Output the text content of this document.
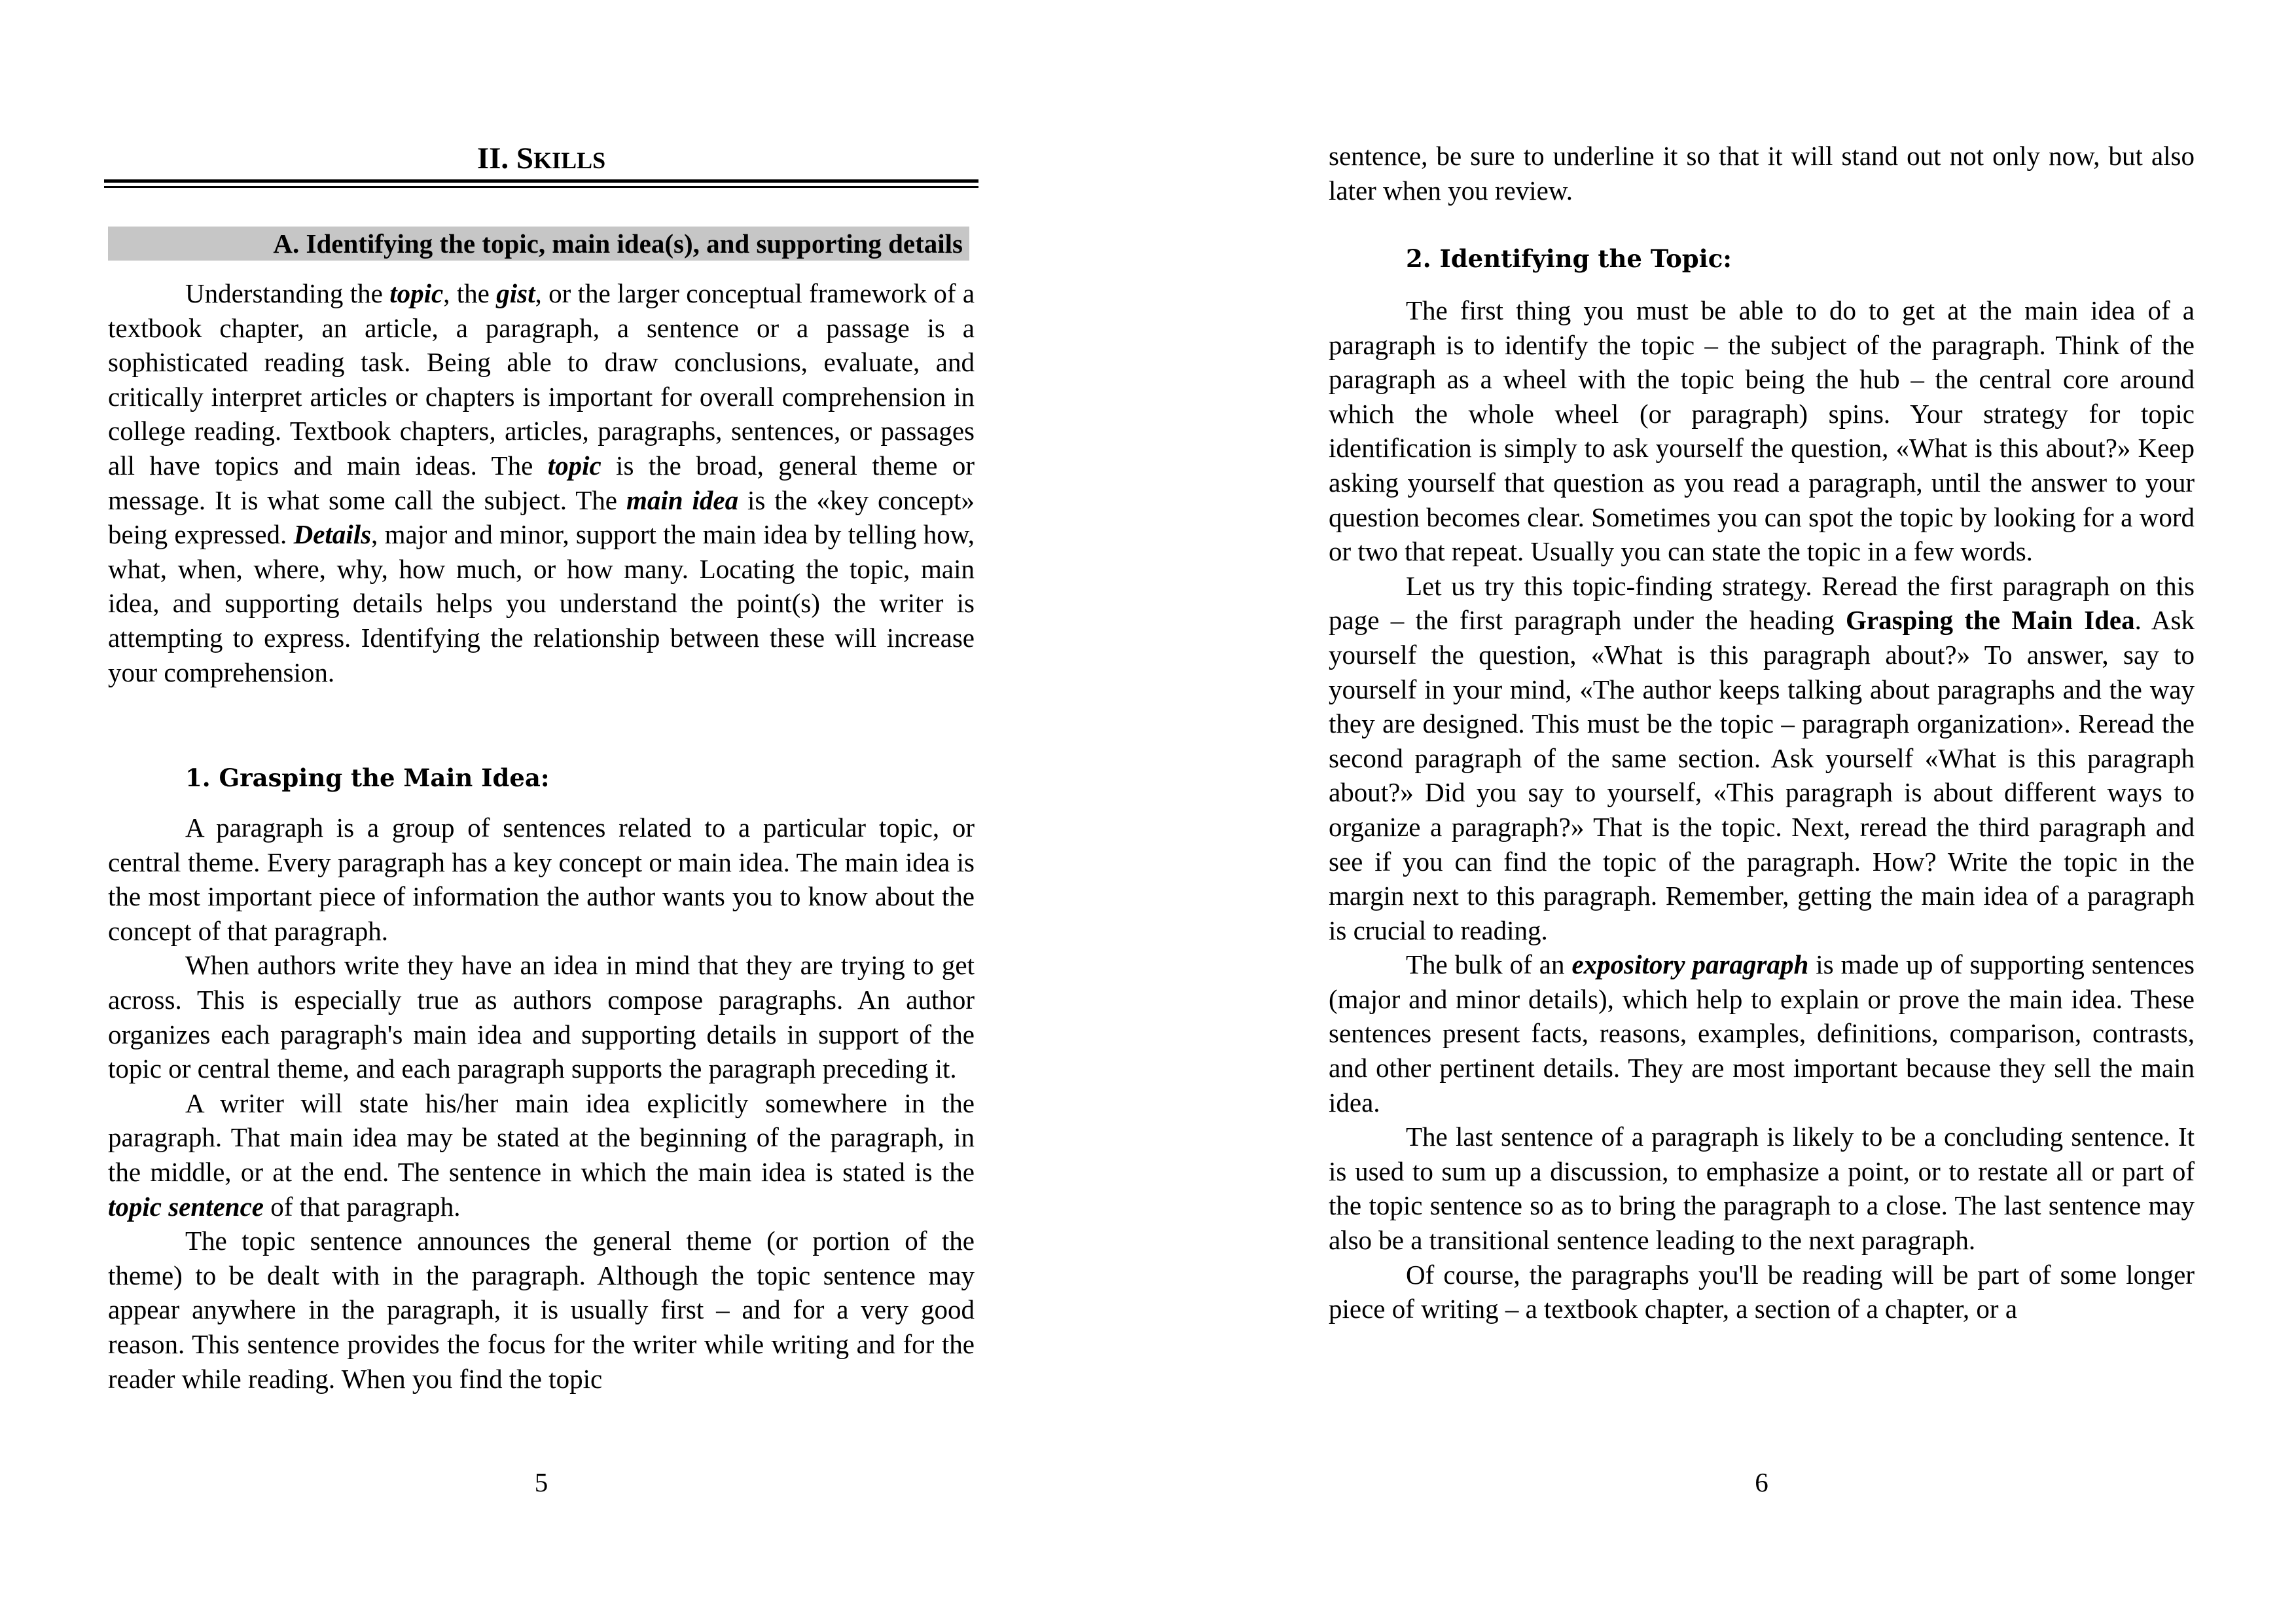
II. SKILLS
A. Identifying the topic, main idea(s), and supporting details

Understanding the topic, the gist, or the larger conceptual framework of a textbook chapter, an article, a paragraph, a sentence or a passage is a sophisticated reading task. Being able to draw conclusions, evaluate, and critically interpret articles or chapters is important for overall comprehension in college reading. Textbook chapters, articles, paragraphs, sentences, or passages all have topics and main ideas. The topic is the broad, general theme or message. It is what some call the subject. The main idea is the «key concept» being expressed. Details, major and minor, support the main idea by telling how, what, when, where, why, how much, or how many. Locating the topic, main idea, and supporting details helps you understand the point(s) the writer is attempting to express. Identifying the relationship between these will increase your comprehension.

1. Grasping the Main Idea:

A paragraph is a group of sentences related to a particular topic, or central theme. Every paragraph has a key concept or main idea. The main idea is the most important piece of information the author wants you to know about the concept of that paragraph.

When authors write they have an idea in mind that they are trying to get across. This is especially true as authors compose paragraphs. An author organizes each paragraph's main idea and supporting details in support of the topic or central theme, and each paragraph supports the paragraph preceding it.

A writer will state his/her main idea explicitly somewhere in the paragraph. That main idea may be stated at the beginning of the paragraph, in the middle, or at the end. The sentence in which the main idea is stated is the topic sentence of that paragraph.

The topic sentence announces the general theme (or portion of the theme) to be dealt with in the paragraph. Although the topic sentence may appear anywhere in the paragraph, it is usually first – and for a very good reason. This sentence provides the focus for the writer while writing and for the reader while reading. When you find the topic

5

sentence, be sure to underline it so that it will stand out not only now, but also later when you review.

2. Identifying the Topic:

The first thing you must be able to do to get at the main idea of a paragraph is to identify the topic – the subject of the paragraph. Think of the paragraph as a wheel with the topic being the hub – the central core around which the whole wheel (or paragraph) spins. Your strategy for topic identification is simply to ask yourself the question, «What is this about?» Keep asking yourself that question as you read a paragraph, until the answer to your question becomes clear. Sometimes you can spot the topic by looking for a word or two that repeat. Usually you can state the topic in a few words.

Let us try this topic-finding strategy. Reread the first paragraph on this page – the first paragraph under the heading Grasping the Main Idea. Ask yourself the question, «What is this paragraph about?» To answer, say to yourself in your mind, «The author keeps talking about paragraphs and the way they are designed. This must be the topic – paragraph organization». Reread the second paragraph of the same section. Ask yourself «What is this paragraph about?» Did you say to yourself, «This paragraph is about different ways to organize a paragraph?» That is the topic. Next, reread the third paragraph and see if you can find the topic of the paragraph. How? Write the topic in the margin next to this paragraph. Remember, getting the main idea of a paragraph is crucial to reading.

The bulk of an expository paragraph is made up of supporting sentences (major and minor details), which help to explain or prove the main idea. These sentences present facts, reasons, examples, definitions, comparison, contrasts, and other pertinent details. They are most important because they sell the main idea.

The last sentence of a paragraph is likely to be a concluding sentence. It is used to sum up a discussion, to emphasize a point, or to restate all or part of the topic sentence so as to bring the paragraph to a close. The last sentence may also be a transitional sentence leading to the next paragraph.

Of course, the paragraphs you'll be reading will be part of some longer piece of writing – a textbook chapter, a section of a chapter, or a

6
